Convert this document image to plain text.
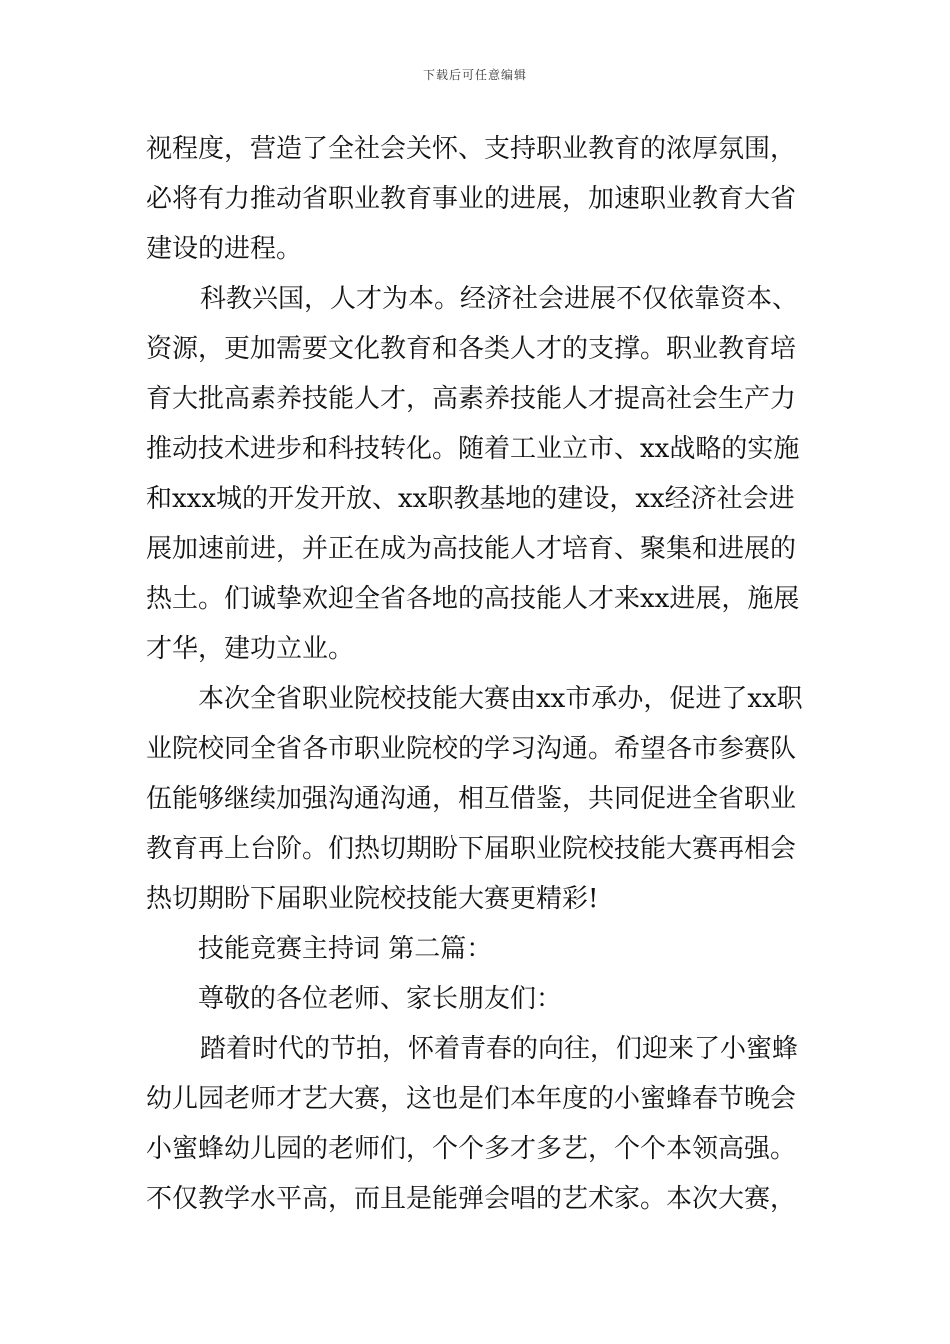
下载后可任意编辑
视程度，营造了全社会关怀、支持职业教育的浓厚氛围，
必将有力推动省职业教育事业的进展，加速职业教育大省
建设的进程。
科教兴国，人才为本。经济社会进展不仅依靠资本、
资源，更加需要文化教育和各类人才的支撑。职业教育培
育大批高素养技能人才，高素养技能人才提高社会生产力
推动技术进步和科技转化。随着工业立市、xx战略的实施
和xxx城的开发开放、xx职教基地的建设，xx经济社会进
展加速前进，并正在成为高技能人才培育、聚集和进展的
热土。们诚挚欢迎全省各地的高技能人才来xx进展，施展
才华，建功立业。
本次全省职业院校技能大赛由xx市承办，促进了xx职
业院校同全省各市职业院校的学习沟通。希望各市参赛队
伍能够继续加强沟通沟通，相互借鉴，共同促进全省职业
教育再上台阶。们热切期盼下届职业院校技能大赛再相会
热切期盼下届职业院校技能大赛更精彩!
技能竞赛主持词 第二篇：
尊敬的各位老师、家长朋友们：
踏着时代的节拍，怀着青春的向往，们迎来了小蜜蜂
幼儿园老师才艺大赛，这也是们本年度的小蜜蜂春节晚会
小蜜蜂幼儿园的老师们，个个多才多艺，个个本领高强。
不仅教学水平高，而且是能弹会唱的艺术家。本次大赛，
